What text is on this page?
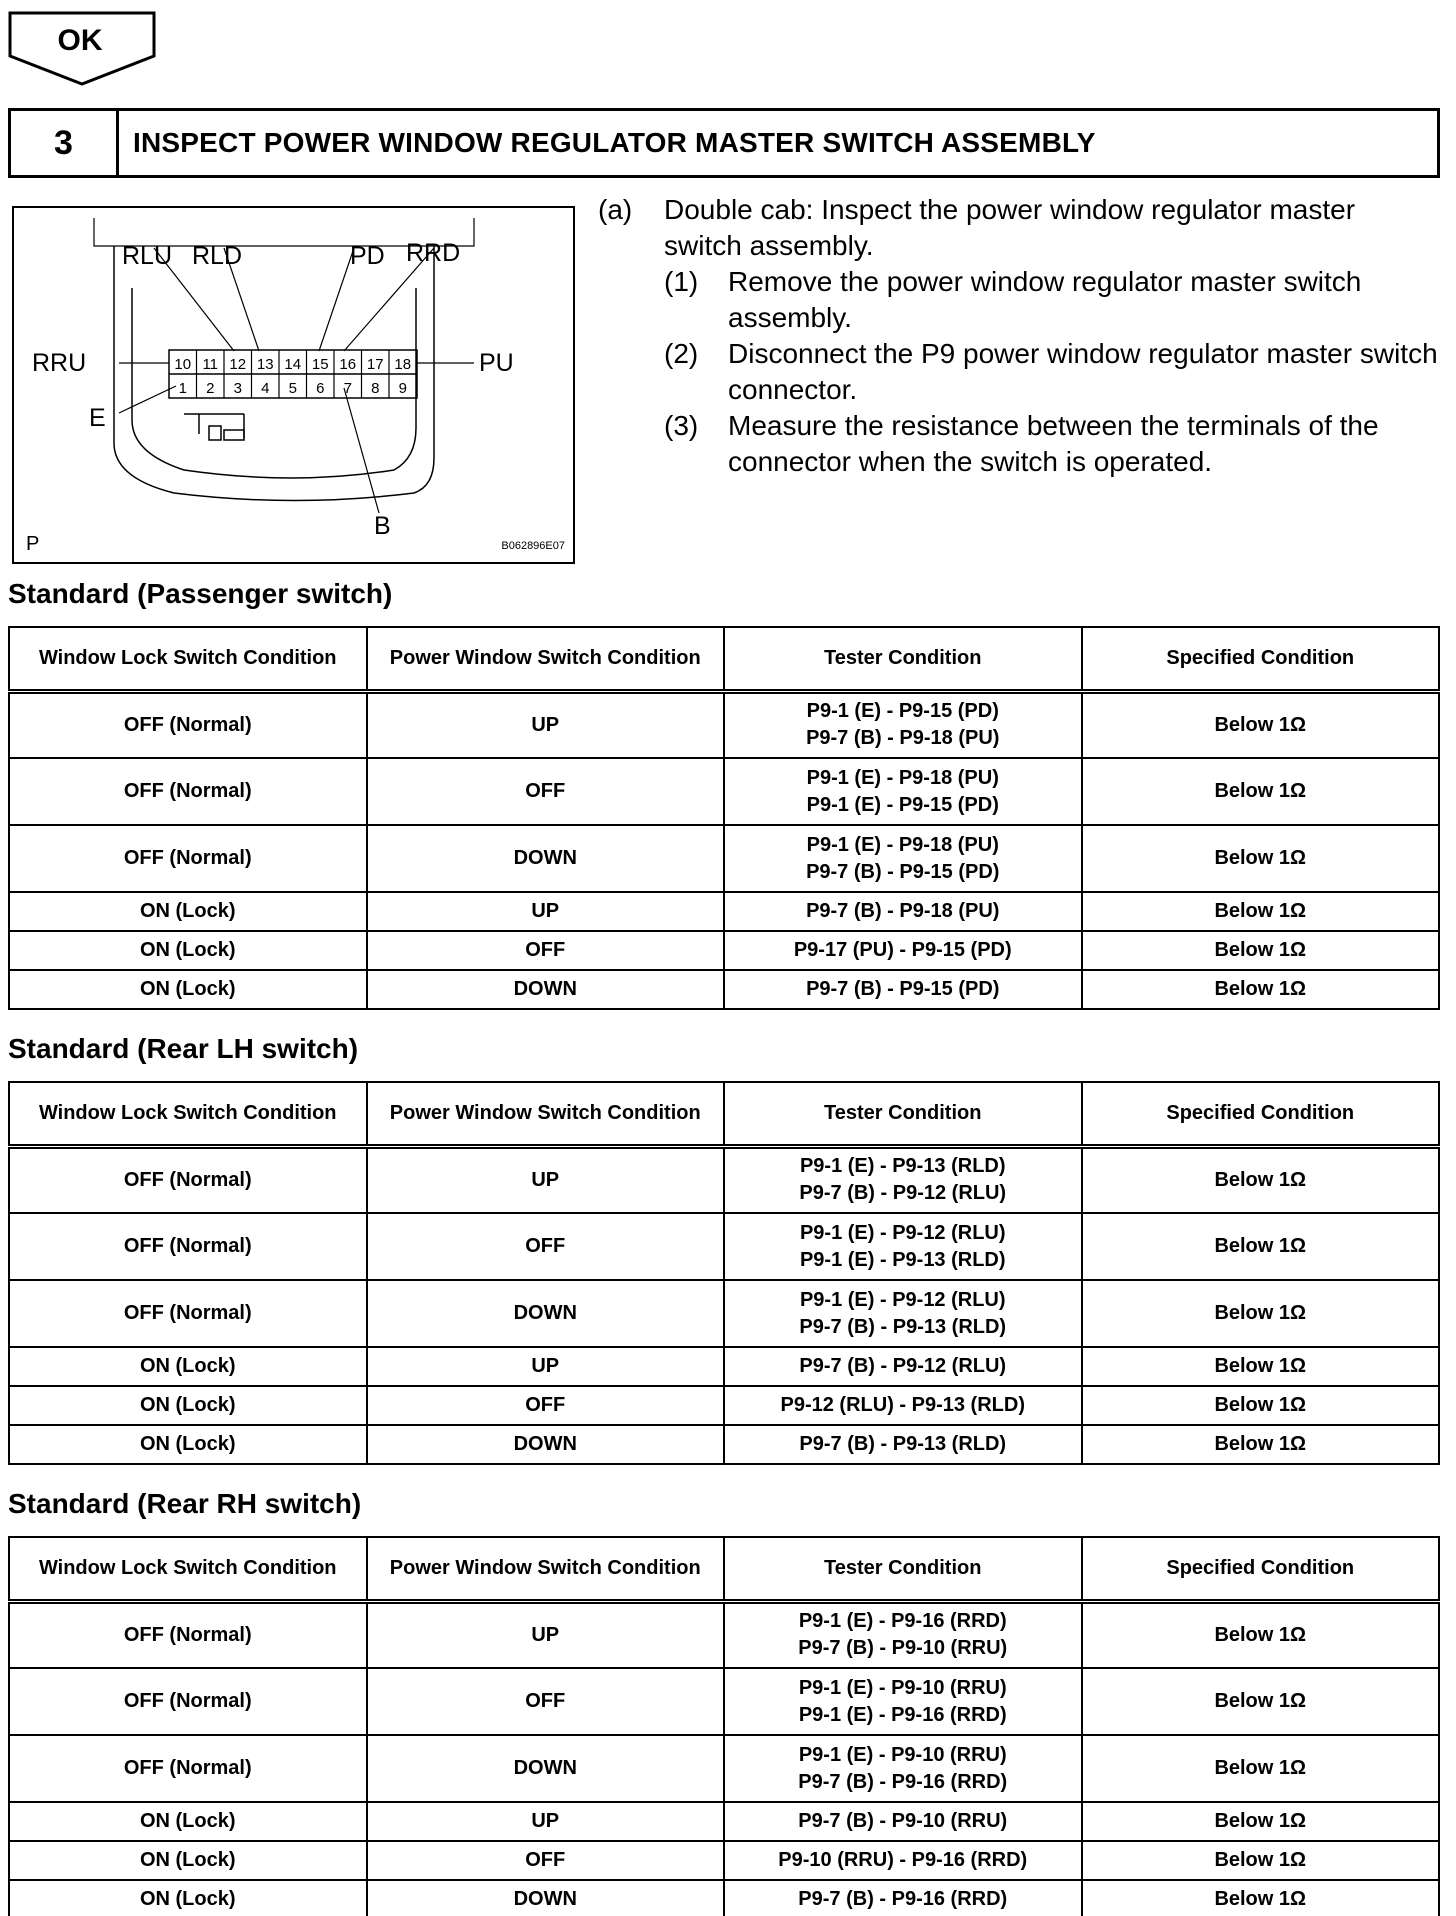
OK
3	INSPECT POWER WINDOW REGULATOR MASTER SWITCH ASSEMBLY
10 11 12 13 14 15 16 17 18
1 2 3 4 5 6 7 8 9
RLU RLD	PD RRD
RRU	PU
E
B
P	B062896E07
(a)	Double cab: Inspect the power window regulator master switch assembly.
(1)	Remove the power window regulator master switch assembly.
(2)	Disconnect the P9 power window regulator master switch connector.
(3)	Measure the resistance between the terminals of the connector when the switch is operated.
Standard (Passenger switch)
Window Lock Switch Condition	Power Window Switch Condition	Tester Condition	Specified Condition
OFF (Normal)	UP	P9-1 (E) - P9-15 (PD)
P9-7 (B) - P9-18 (PU)	Below 1Ω
OFF (Normal)	OFF	P9-1 (E) - P9-18 (PU)
P9-1 (E) - P9-15 (PD)	Below 1Ω
OFF (Normal)	DOWN	P9-1 (E) - P9-18 (PU)
P9-7 (B) - P9-15 (PD)	Below 1Ω
ON (Lock)	UP	P9-7 (B) - P9-18 (PU)	Below 1Ω
ON (Lock)	OFF	P9-17 (PU) - P9-15 (PD)	Below 1Ω
ON (Lock)	DOWN	P9-7 (B) - P9-15 (PD)	Below 1Ω
Standard (Rear LH switch)
Window Lock Switch Condition	Power Window Switch Condition	Tester Condition	Specified Condition
OFF (Normal)	UP	P9-1 (E) - P9-13 (RLD)
P9-7 (B) - P9-12 (RLU)	Below 1Ω
OFF (Normal)	OFF	P9-1 (E) - P9-12 (RLU)
P9-1 (E) - P9-13 (RLD)	Below 1Ω
OFF (Normal)	DOWN	P9-1 (E) - P9-12 (RLU)
P9-7 (B) - P9-13 (RLD)	Below 1Ω
ON (Lock)	UP	P9-7 (B) - P9-12 (RLU)	Below 1Ω
ON (Lock)	OFF	P9-12 (RLU) - P9-13 (RLD)	Below 1Ω
ON (Lock)	DOWN	P9-7 (B) - P9-13 (RLD)	Below 1Ω
Standard (Rear RH switch)
Window Lock Switch Condition	Power Window Switch Condition	Tester Condition	Specified Condition
OFF (Normal)	UP	P9-1 (E) - P9-16 (RRD)
P9-7 (B) - P9-10 (RRU)	Below 1Ω
OFF (Normal)	OFF	P9-1 (E) - P9-10 (RRU)
P9-1 (E) - P9-16 (RRD)	Below 1Ω
OFF (Normal)	DOWN	P9-1 (E) - P9-10 (RRU)
P9-7 (B) - P9-16 (RRD)	Below 1Ω
ON (Lock)	UP	P9-7 (B) - P9-10 (RRU)	Below 1Ω
ON (Lock)	OFF	P9-10 (RRU) - P9-16 (RRD)	Below 1Ω
ON (Lock)	DOWN	P9-7 (B) - P9-16 (RRD)	Below 1Ω
